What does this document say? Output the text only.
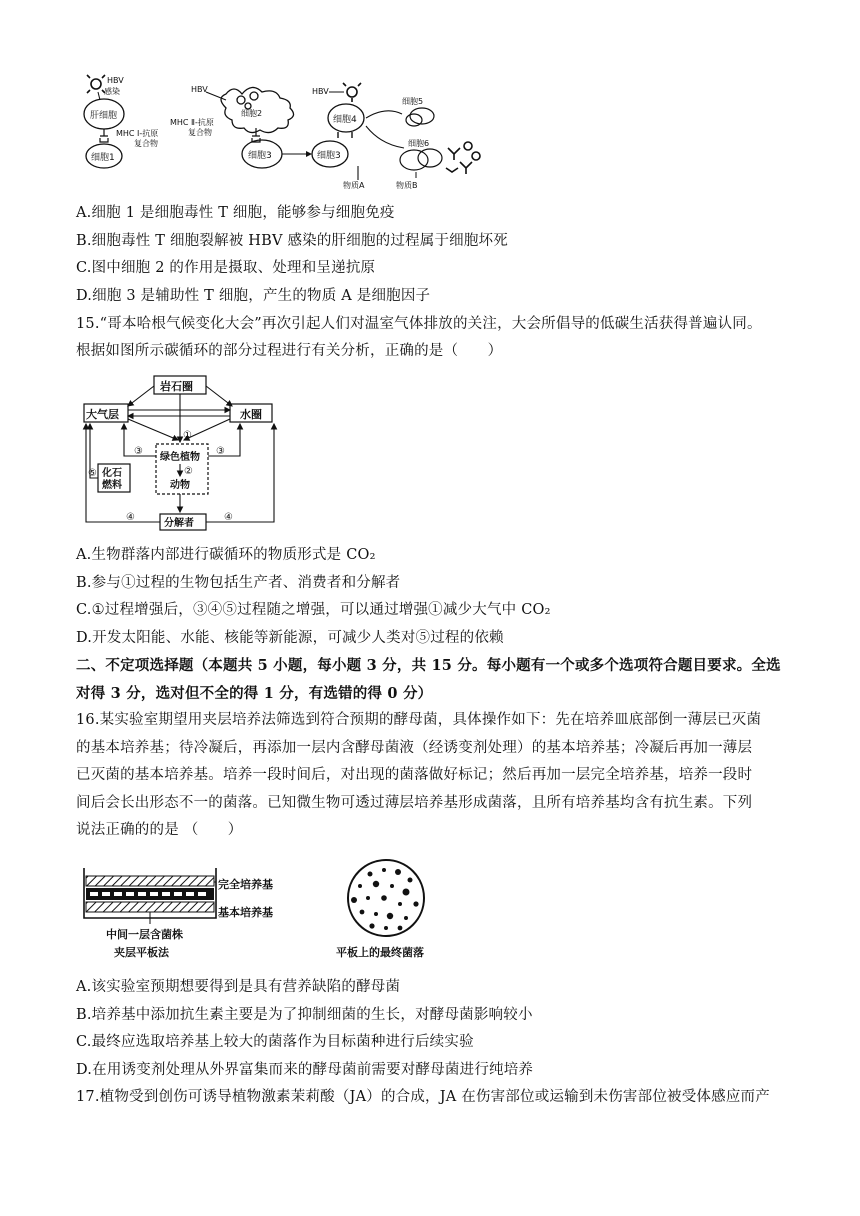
HBV
感染
肝细胞
MHC Ⅰ-抗原
复合物
细胞1
HBV
细胞2
MHC Ⅱ-抗原
复合物
细胞3
HBV
细胞4
细胞3
物质A
细胞5
细胞6
物质B
A.细胞 1 是细胞毒性 T 细胞，能够参与细胞免疫
B.细胞毒性 T 细胞裂解被 HBV 感染的肝细胞的过程属于细胞坏死
C.图中细胞 2 的作用是摄取、处理和呈递抗原
D.细胞 3 是辅助性 T 细胞，产生的物质 A 是细胞因子
15.“哥本哈根气候变化大会”再次引起人们对温室气体排放的关注，大会所倡导的低碳生活获得普遍认同。
根据如图所示碳循环的部分过程进行有关分析，正确的是（　　）
岩石圈
大气层	水圈
绿色植物
动物
化石
燃料
分解者
①
②
③	③
④	④
⑤
A.生物群落内部进行碳循环的物质形式是 CO₂
B.参与①过程的生物包括生产者、消费者和分解者
C.①过程增强后，③④⑤过程随之增强，可以通过增强①减少大气中 CO₂
D.开发太阳能、水能、核能等新能源，可减少人类对⑤过程的依赖
二、不定项选择题（本题共 5 小题，每小题 3 分，共 15 分。每小题有一个或多个选项符合题目要求。全选
对得 3 分，选对但不全的得 1 分，有选错的得 0 分）
16.某实验室期望用夹层培养法筛选到符合预期的酵母菌，具体操作如下：先在培养皿底部倒一薄层已灭菌
的基本培养基；待冷凝后，再添加一层内含酵母菌液（经诱变剂处理）的基本培养基；冷凝后再加一薄层
已灭菌的基本培养基。培养一段时间后，对出现的菌落做好标记；然后再加一层完全培养基，培养一段时
间后会长出形态不一的菌落。已知微生物可透过薄层培养基形成菌落，且所有培养基均含有抗生素。下列
说法正确的的是 （　　）
完全培养基
基本培养基
中间一层含菌株
夹层平板法	平板上的最终菌落
A.该实验室预期想要得到是具有营养缺陷的酵母菌
B.培养基中添加抗生素主要是为了抑制细菌的生长，对酵母菌影响较小
C.最终应选取培养基上较大的菌落作为目标菌种进行后续实验
D.在用诱变剂处理从外界富集而来的酵母菌前需要对酵母菌进行纯培养
17.植物受到创伤可诱导植物激素茉莉酸（JA）的合成，JA 在伤害部位或运输到未伤害部位被受体感应而产
